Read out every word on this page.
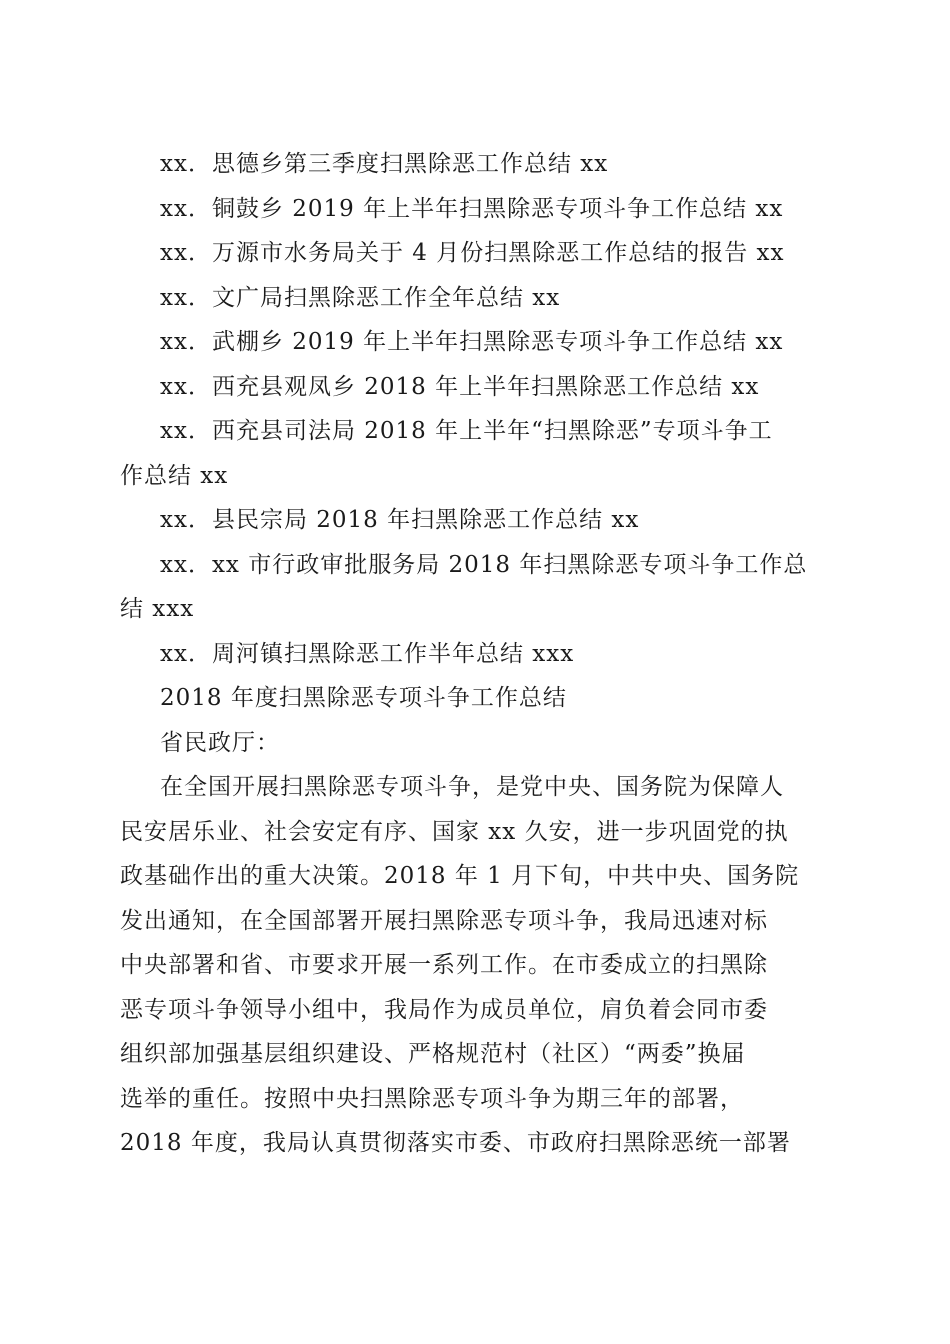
xx．思德乡第三季度扫黑除恶工作总结 xx

xx．铜鼓乡 2019 年上半年扫黑除恶专项斗争工作总结 xx

xx．万源市水务局关于 4 月份扫黑除恶工作总结的报告 xx

xx．文广局扫黑除恶工作全年总结 xx

xx．武棚乡 2019 年上半年扫黑除恶专项斗争工作总结 xx

xx．西充县观凤乡 2018 年上半年扫黑除恶工作总结 xx

xx．西充县司法局 2018 年上半年“扫黑除恶”专项斗争工

作总结 xx

xx．县民宗局 2018 年扫黑除恶工作总结 xx

xx．xx 市行政审批服务局 2018 年扫黑除恶专项斗争工作总

结 xxx

xx．周河镇扫黑除恶工作半年总结 xxx

2018 年度扫黑除恶专项斗争工作总结

省民政厅：

在全国开展扫黑除恶专项斗争，是党中央、国务院为保障人

民安居乐业、社会安定有序、国家 xx 久安，进一步巩固党的执

政基础作出的重大决策。2018 年 1 月下旬，中共中央、国务院

发出通知，在全国部署开展扫黑除恶专项斗争，我局迅速对标

中央部署和省、市要求开展一系列工作。在市委成立的扫黑除

恶专项斗争领导小组中，我局作为成员单位，肩负着会同市委

组织部加强基层组织建设、严格规范村（社区）“两委”换届

选举的重任。按照中央扫黑除恶专项斗争为期三年的部署，

2018 年度，我局认真贯彻落实市委、市政府扫黑除恶统一部署
